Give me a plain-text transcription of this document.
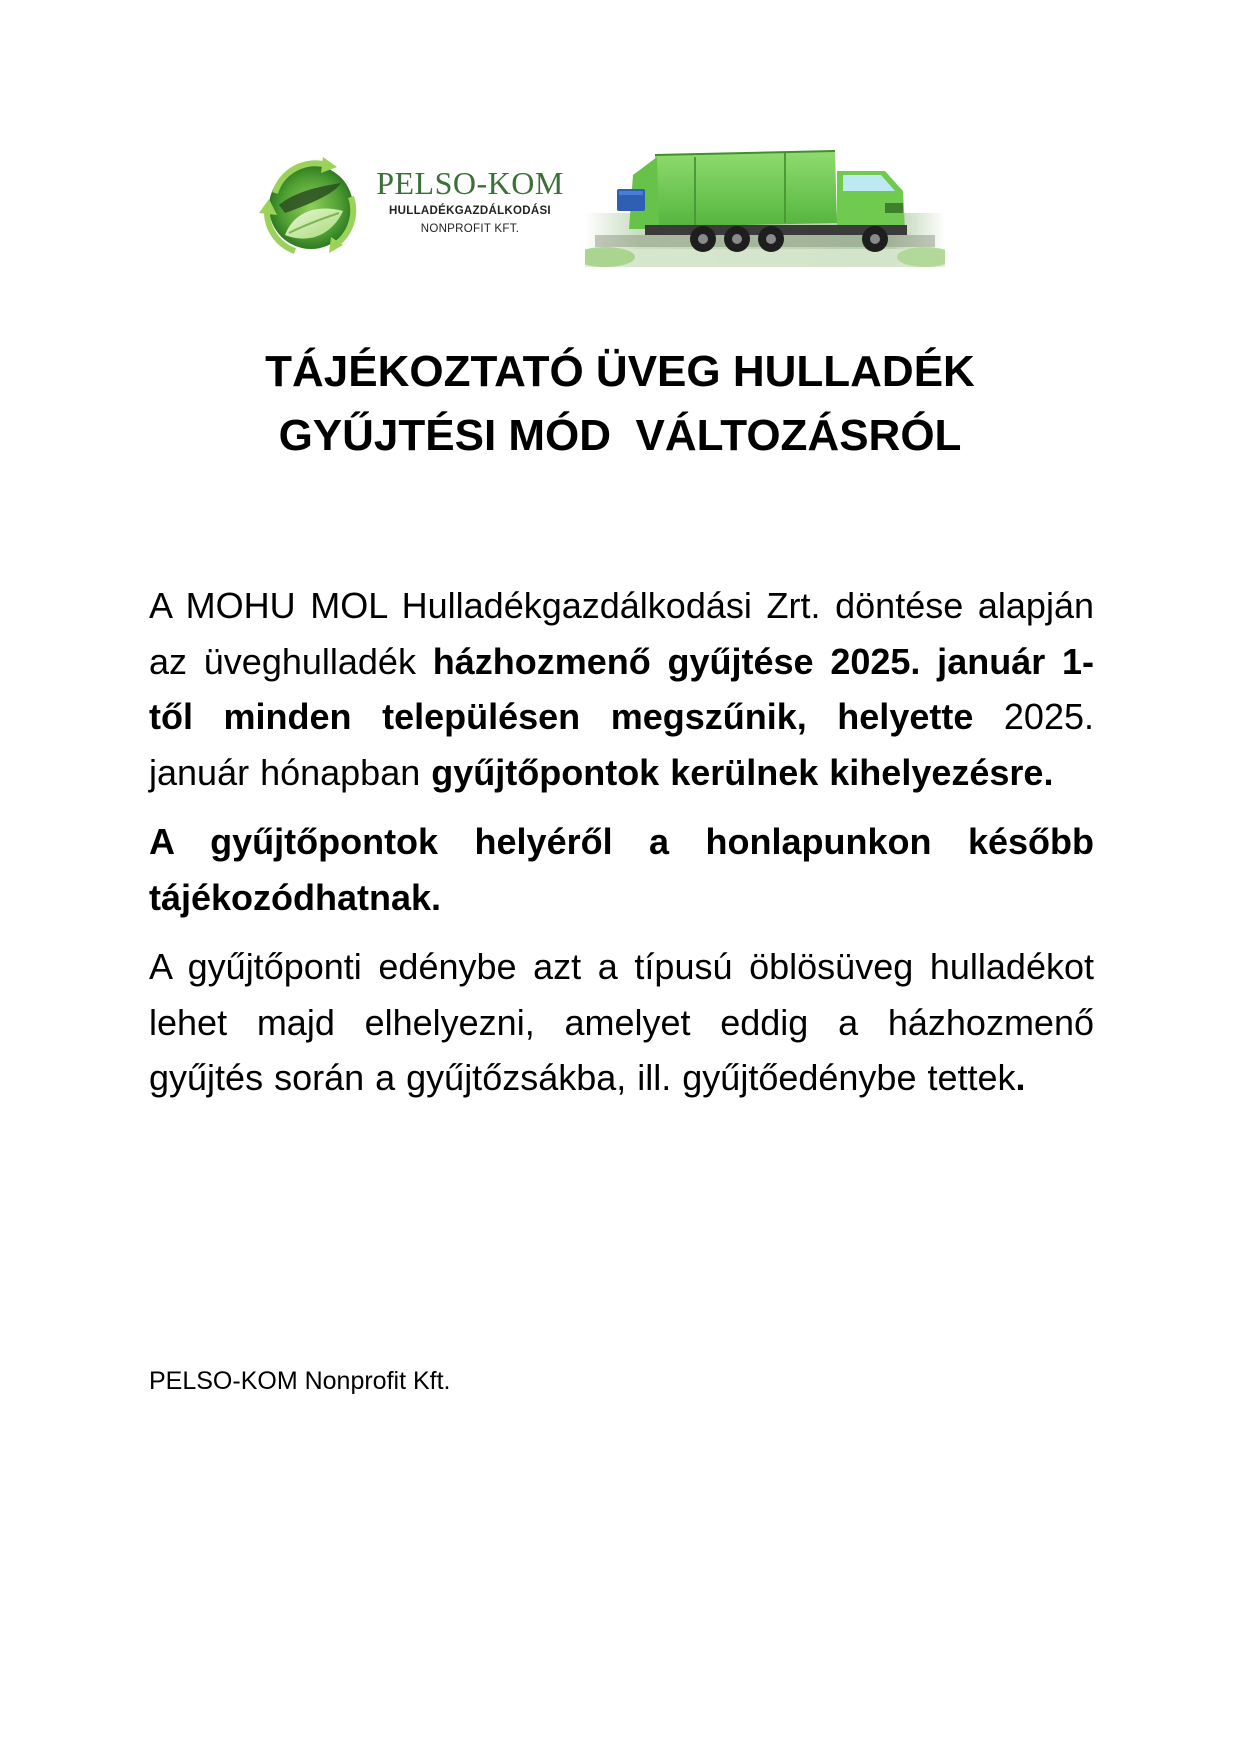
PELSO-KOM
HULLADÉKGAZDÁLKODÁSI
NONPROFIT KFT.
TÁJÉKOZTATÓ ÜVEG HULLADÉK
GYŰJTÉSI MÓD  VÁLTOZÁSRÓL

A MOHU MOL Hulladékgazdálkodási Zrt. döntése alapján az üveghulladék házhozmenő gyűjtése 2025. január 1-től minden településen megszűnik, helyette 2025. január hónapban gyűjtőpontok kerülnek kihelyezésre.

A gyűjtőpontok helyéről a honlapunkon később tájékozódhatnak.

A gyűjtőponti edénybe azt a típusú öblösüveg hulladékot lehet majd elhelyezni, amelyet eddig a házhozmenő gyűjtés során a gyűjtőzsákba, ill. gyűjtőedénybe tettek.

PELSO-KOM Nonprofit Kft.
